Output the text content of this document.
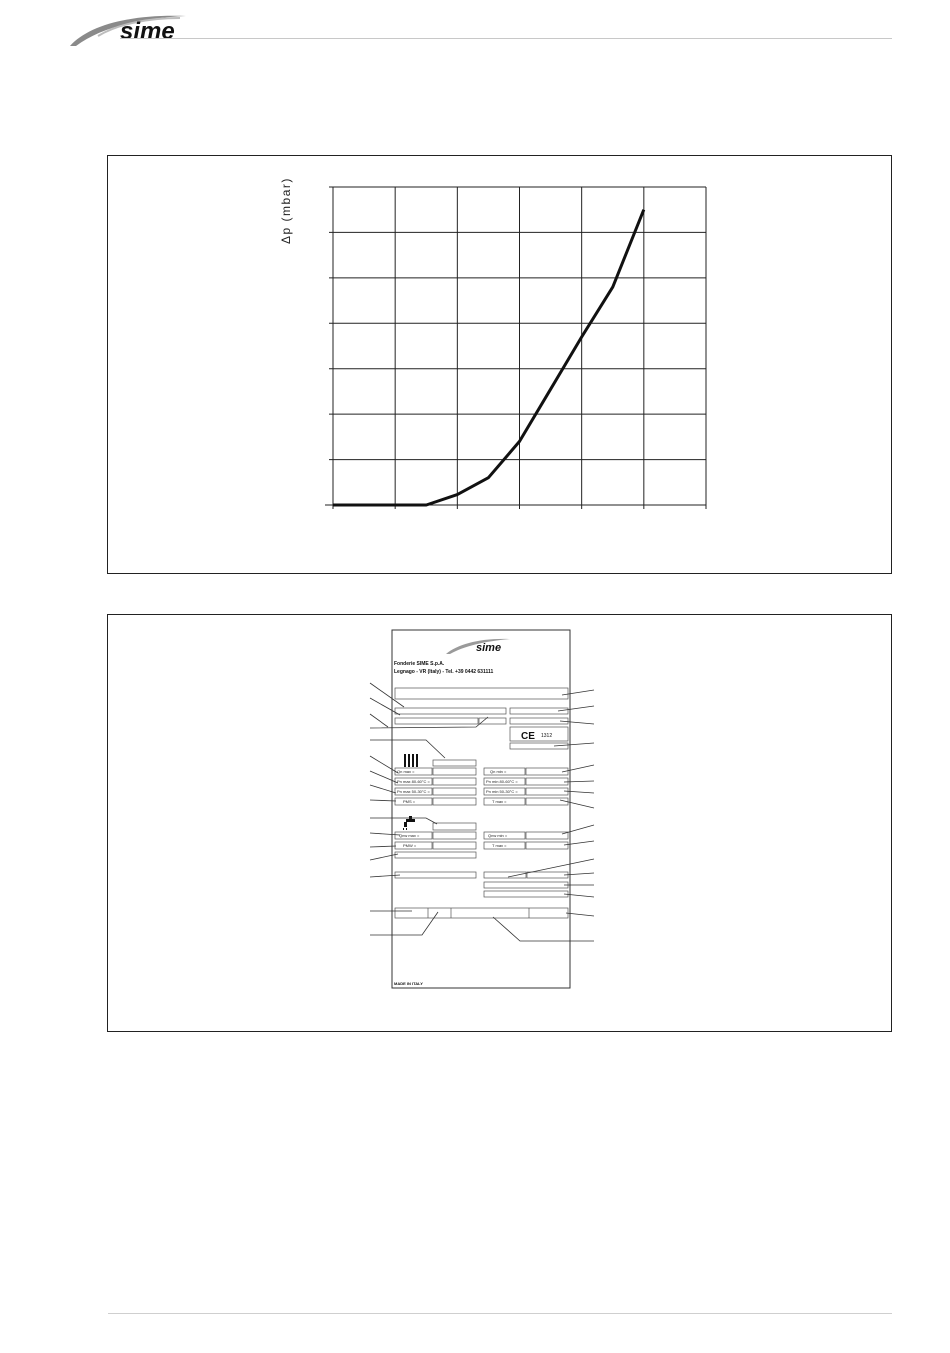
sime
Δp (mbar)
sime
Fonderie SIME S.p.A.
Legnago - VR (Italy) - Tel. +39 0442 631111
CE 1312
Qn max =
Pn max 80-60°C =
Pn max 50-30°C =
PMS =
Qn min =
Pn min 80-60°C =
Pn min 50-30°C =
T max =
Qnw max =
PMW =
Qnw min =
T max =
MADE IN ITALY
